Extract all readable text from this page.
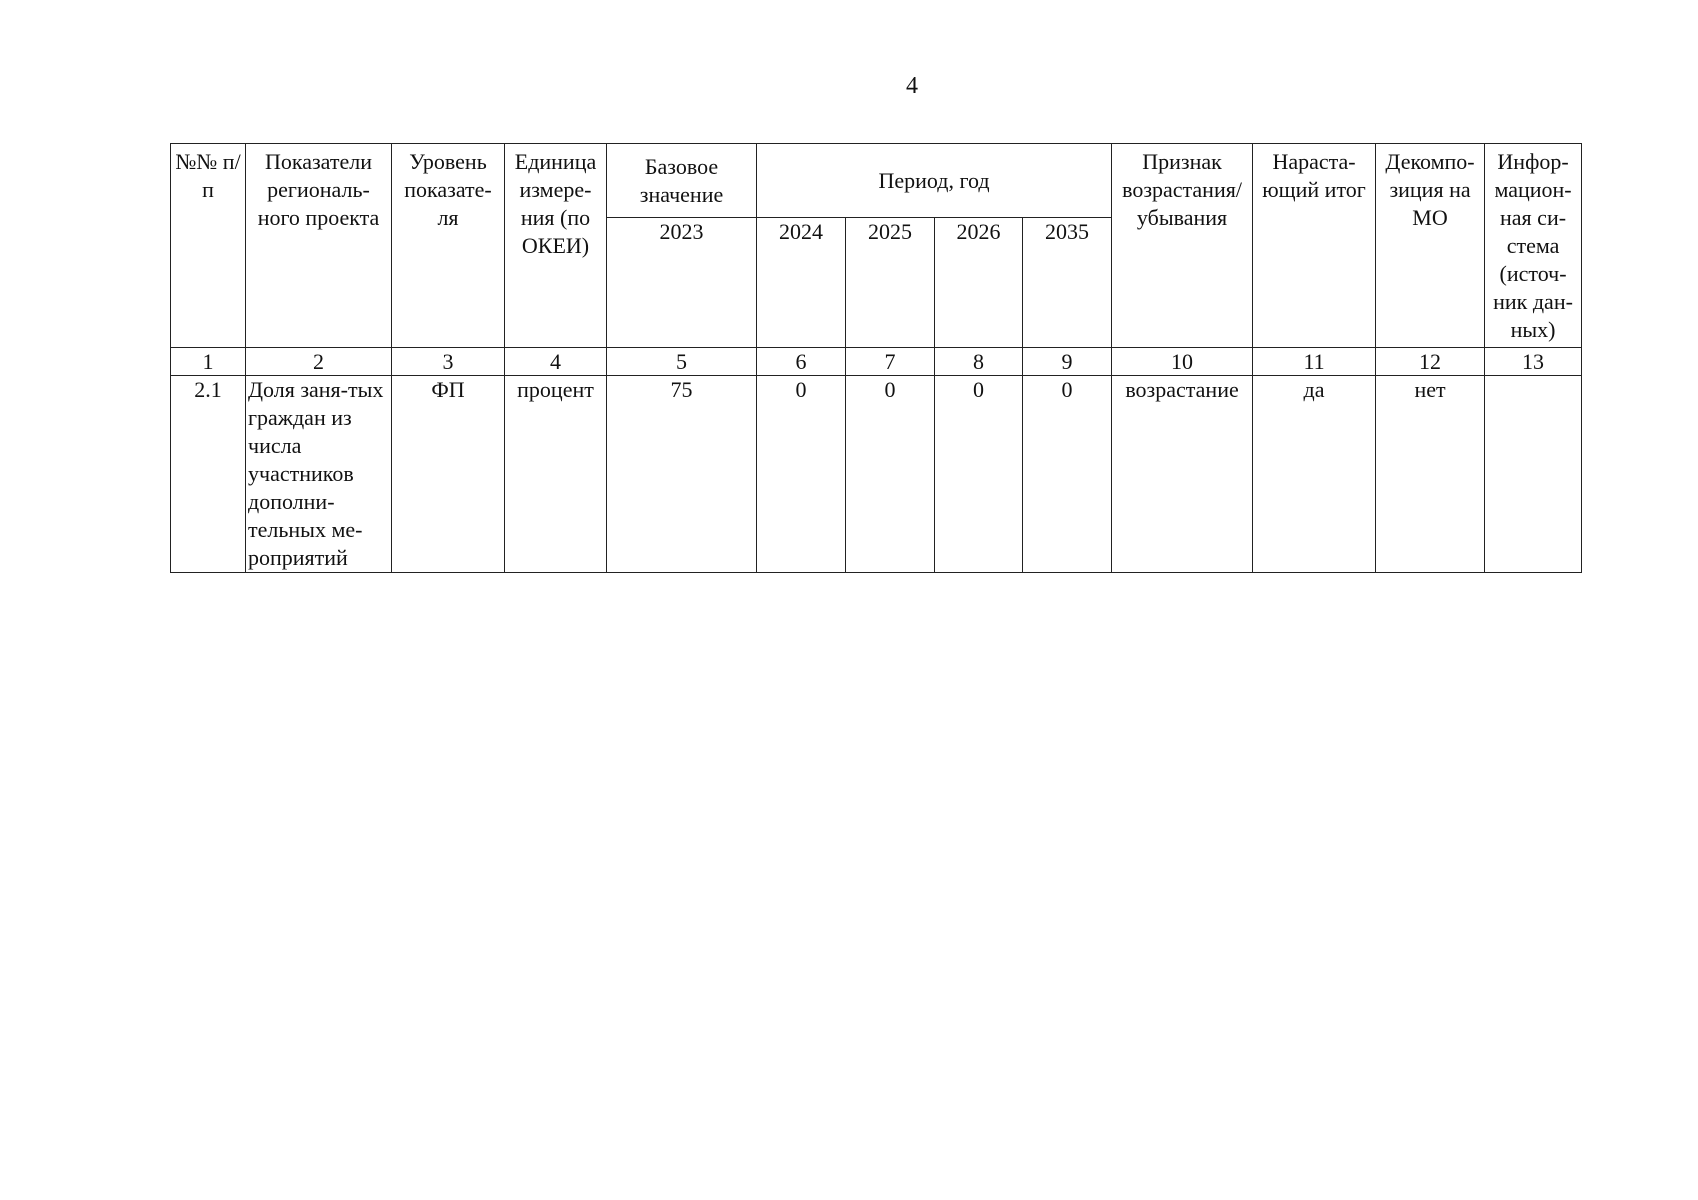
4
№№ п/п	Показатели региональ-ного проекта	Уровень показате-ля	Единица измере-ния (по ОКЕИ)	Базовое значение	Период, год				Признак возрастания/ убывания	Нараста-ющий итог	Декомпо-зиция на МО	Инфор-мацион-ная си-стема (источ-ник дан-ных)
				2023	2024	2025	2026	2035				
1	2	3	4	5	6	7	8	9	10	11	12	13
2.1	Доля заня-тых граждан из числа участников дополни-тельных ме-роприятий	ФП	процент	75	0	0	0	0	возрастание	да	нет	
